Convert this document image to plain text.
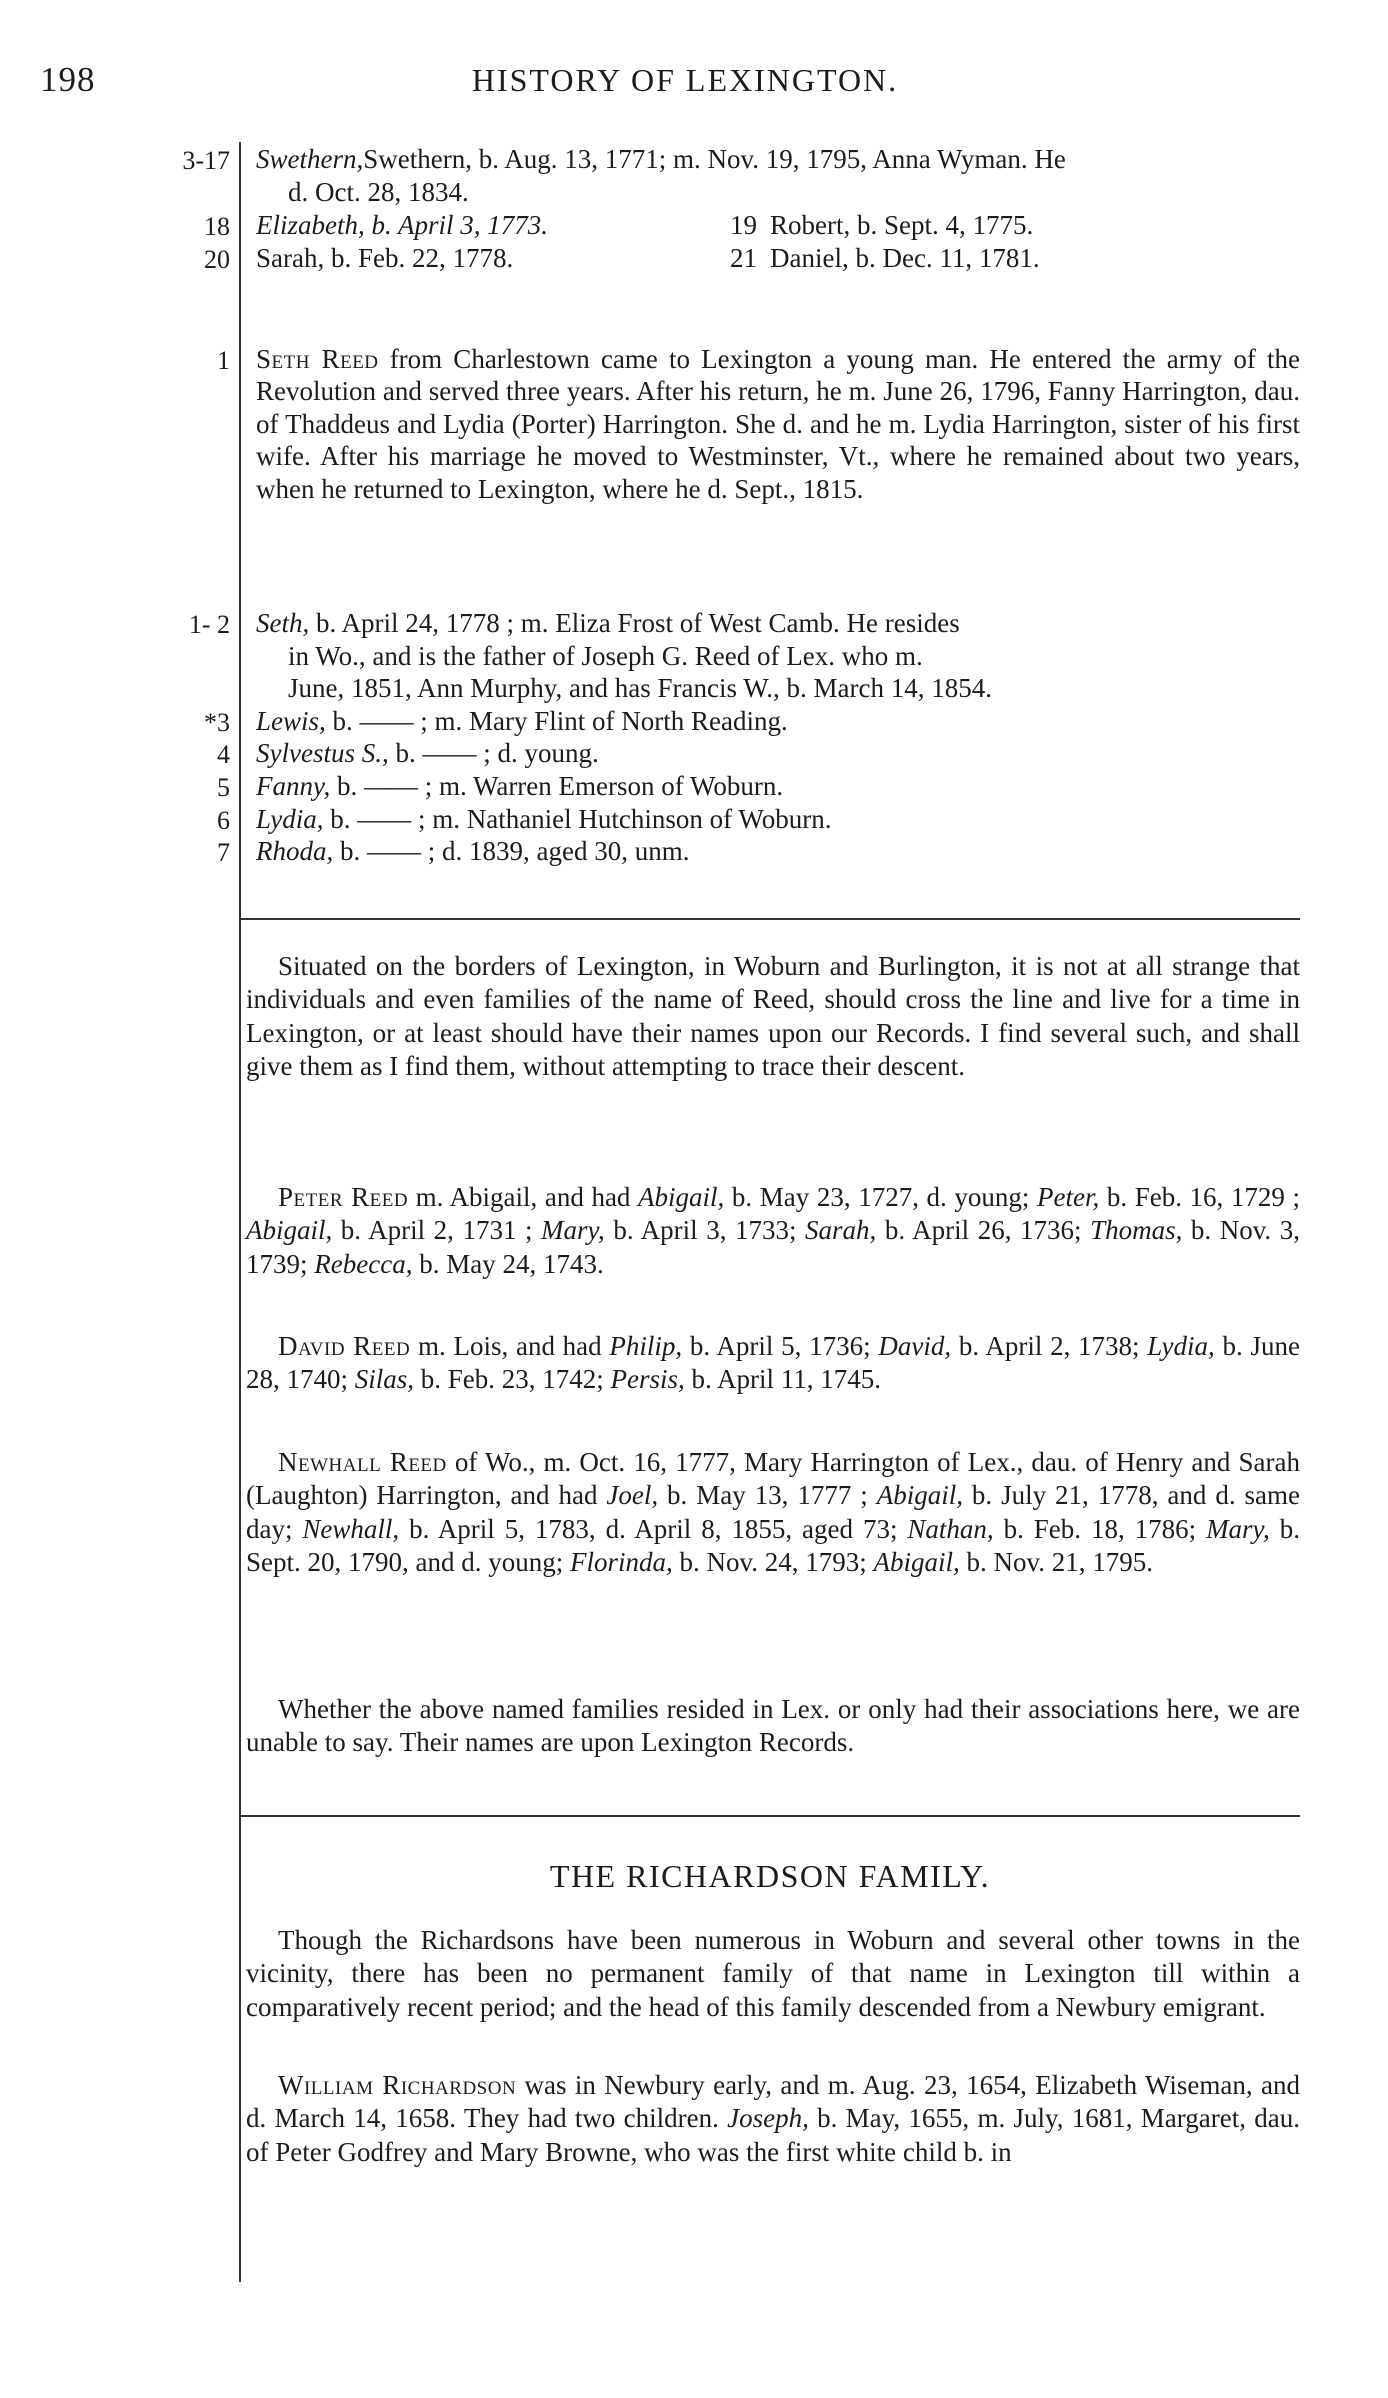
198	HISTORY OF LEXINGTON.
3-17 Swethern,Swethern, b. Aug. 13, 1771; m. Nov. 19, 1795, Anna Wyman. He
d. Oct. 28, 1834.
18 Elizabeth, b. April 3, 1773.	19 Robert, b. Sept. 4, 1775.
20 Sarah, b. Feb. 22, 1778.	21 Daniel, b. Dec. 11, 1781.
1 Seth Reed from Charlestown came to Lexington a young man. He entered the army of the Revolution and served three years. After his return, he m. June 26, 1796, Fanny Harrington, dau. of Thaddeus and Lydia (Porter) Harrington. She d. and he m. Lydia Harrington, sister of his first wife. After his marriage he moved to Westminster, Vt., where he remained about two years, when he returned to Lexington, where he d. Sept., 1815.
1- 2 Seth, b. April 24, 1778 ; m. Eliza Frost of West Camb. He resides
in Wo., and is the father of Joseph G. Reed of Lex. who m.
June, 1851, Ann Murphy, and has Francis W., b. March 14, 1854.
*3 Lewis, b. —— ; m. Mary Flint of North Reading.
4 Sylvestus S., b. —— ; d. young.
5 Fanny, b. —— ; m. Warren Emerson of Woburn.
6 Lydia, b. —— ; m. Nathaniel Hutchinson of Woburn.
7 Rhoda, b. —— ; d. 1839, aged 30, unm.
Situated on the borders of Lexington, in Woburn and Burlington, it is not at all strange that individuals and even families of the name of Reed, should cross the line and live for a time in Lexington, or at least should have their names upon our Records. I find several such, and shall give them as I find them, without attempting to trace their descent.
Peter Reed m. Abigail, and had Abigail, b. May 23, 1727, d. young; Peter, b. Feb. 16, 1729 ; Abigail, b. April 2, 1731 ; Mary, b. April 3, 1733; Sarah, b. April 26, 1736; Thomas, b. Nov. 3, 1739; Rebecca, b. May 24, 1743.
David Reed m. Lois, and had Philip, b. April 5, 1736; David, b. April 2, 1738; Lydia, b. June 28, 1740; Silas, b. Feb. 23, 1742; Persis, b. April 11, 1745.
Newhall Reed of Wo., m. Oct. 16, 1777, Mary Harrington of Lex., dau. of Henry and Sarah (Laughton) Harrington, and had Joel, b. May 13, 1777 ; Abigail, b. July 21, 1778, and d. same day; Newhall, b. April 5, 1783, d. April 8, 1855, aged 73; Nathan, b. Feb. 18, 1786; Mary, b. Sept. 20, 1790, and d. young; Florinda, b. Nov. 24, 1793; Abigail, b. Nov. 21, 1795.
Whether the above named families resided in Lex. or only had their associations here, we are unable to say. Their names are upon Lexington Records.
THE RICHARDSON FAMILY.
Though the Richardsons have been numerous in Woburn and several other towns in the vicinity, there has been no permanent family of that name in Lexington till within a comparatively recent period; and the head of this family descended from a Newbury emigrant.
William Richardson was in Newbury early, and m. Aug. 23, 1654, Elizabeth Wiseman, and d. March 14, 1658. They had two children. Joseph, b. May, 1655, m. July, 1681, Margaret, dau. of Peter Godfrey and Mary Browne, who was the first white child b. in
